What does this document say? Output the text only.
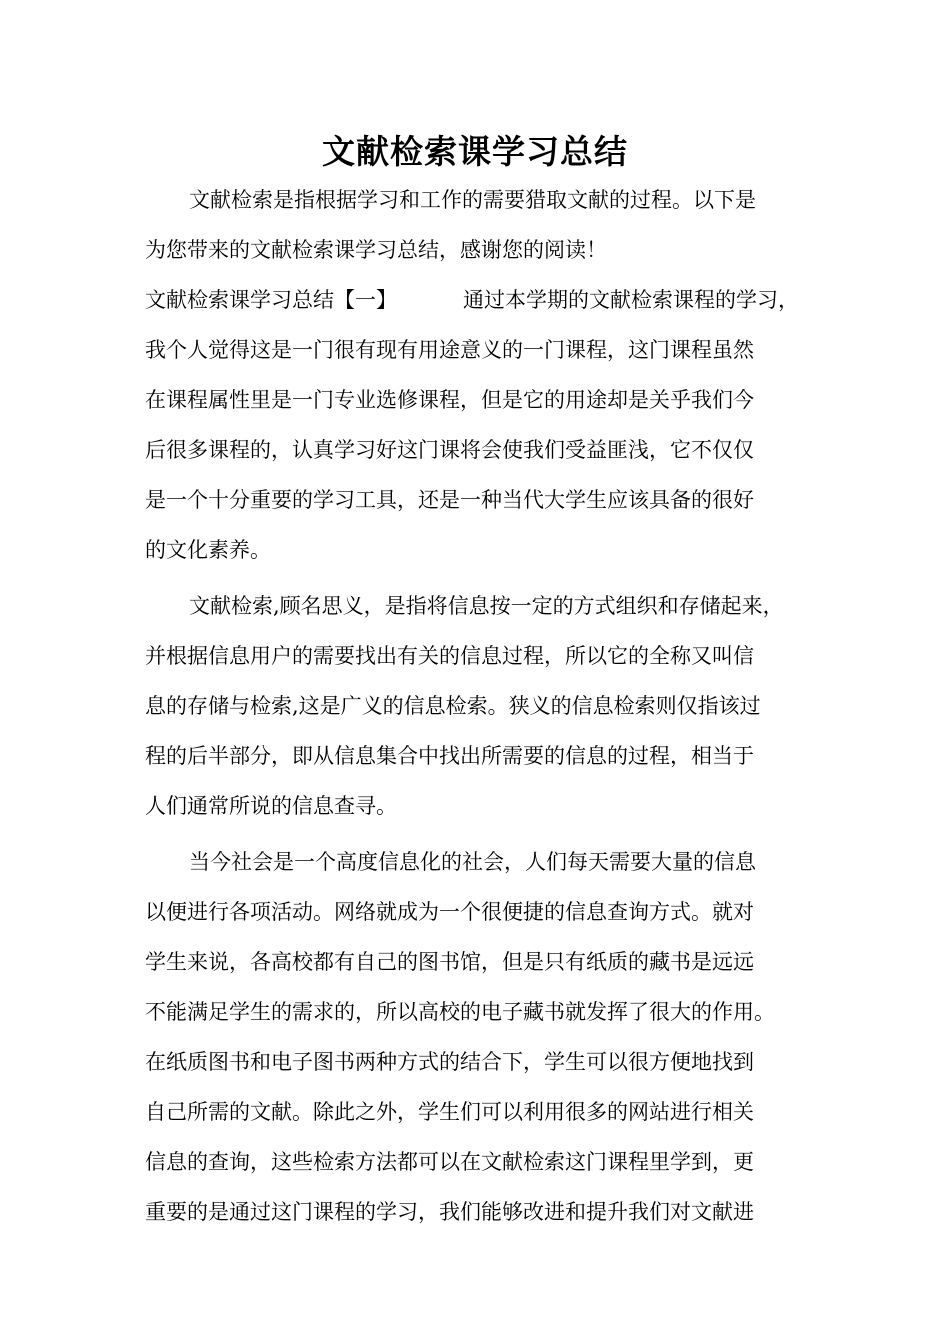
文献检索课学习总结
文献检索是指根据学习和工作的需要猎取文献的过程。以下是
为您带来的文献检索课学习总结，感谢您的阅读！
文献检索课学习总结【一】	通过本学期的文献检索课程的学习，
我个人觉得这是一门很有现有用途意义的一门课程，这门课程虽然
在课程属性里是一门专业选修课程，但是它的用途却是关乎我们今
后很多课程的，认真学习好这门课将会使我们受益匪浅，它不仅仅
是一个十分重要的学习工具，还是一种当代大学生应该具备的很好
的文化素养。
文献检索,顾名思义，是指将信息按一定的方式组织和存储起来，
并根据信息用户的需要找出有关的信息过程，所以它的全称又叫信
息的存储与检索,这是广义的信息检索。狭义的信息检索则仅指该过
程的后半部分，即从信息集合中找出所需要的信息的过程，相当于
人们通常所说的信息查寻。
当今社会是一个高度信息化的社会，人们每天需要大量的信息
以便进行各项活动。网络就成为一个很便捷的信息查询方式。就对
学生来说，各高校都有自己的图书馆，但是只有纸质的藏书是远远
不能满足学生的需求的，所以高校的电子藏书就发挥了很大的作用。
在纸质图书和电子图书两种方式的结合下，学生可以很方便地找到
自己所需的文献。除此之外，学生们可以利用很多的网站进行相关
信息的查询，这些检索方法都可以在文献检索这门课程里学到，更
重要的是通过这门课程的学习，我们能够改进和提升我们对文献进
